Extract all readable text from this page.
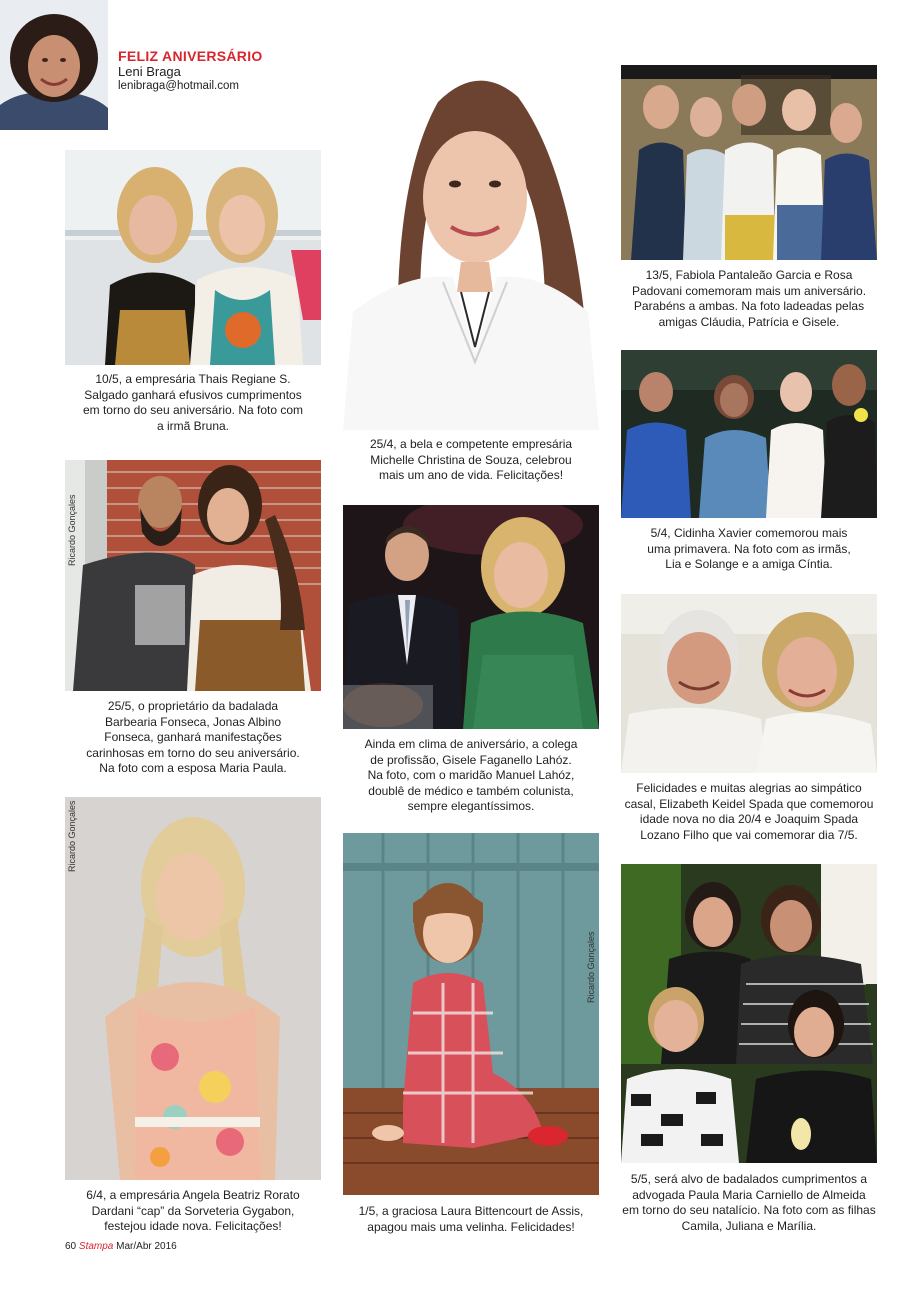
FELIZ ANIVERSÁRIO
Leni Braga
lenibraga@hotmail.com
10/5, a empresária Thais Regiane S.
Salgado ganhará efusivos cumprimentos
em torno do seu aniversário. Na foto com
a irmã Bruna.
Ricardo Gonçales
25/5, o proprietário da badalada
Barbearia Fonseca, Jonas Albino
Fonseca, ganhará manifestações
carinhosas em torno do seu aniversário.
Na foto com a esposa Maria Paula.
Ricardo Gonçales
6/4, a empresária Angela Beatriz Rorato
Dardani “cap” da Sorveteria Gygabon,
festejou idade nova. Felicitações!
25/4, a bela e competente empresária
Michelle Christina de Souza, celebrou
mais um ano de vida. Felicitações!
Ainda em clima de aniversário, a colega
de profissão, Gisele Faganello Lahóz.
Na foto, com o maridão Manuel Lahóz,
doublê de médico e também colunista,
sempre elegantíssimos.
Ricardo Gonçales
1/5, a graciosa Laura Bittencourt de Assis,
apagou mais uma velinha. Felicidades!
13/5, Fabiola Pantaleão Garcia e Rosa
Padovani comemoram mais um aniversário.
Parabéns a ambas. Na foto ladeadas pelas
amigas Cláudia, Patrícia e Gisele.
5/4, Cidinha Xavier comemorou mais
uma primavera. Na foto com as irmãs,
Lia e Solange e a amiga Cíntia.
Felicidades e muitas alegrias ao simpático
casal, Elizabeth Keidel Spada que comemorou
idade nova no dia 20/4 e Joaquim Spada
Lozano Filho que vai comemorar dia 7/5.
5/5, será alvo de badalados cumprimentos a
advogada Paula Maria Carniello de Almeida
em torno do seu natalício. Na foto com as filhas
Camila, Juliana e Marília.
60 Stampa Mar/Abr 2016
